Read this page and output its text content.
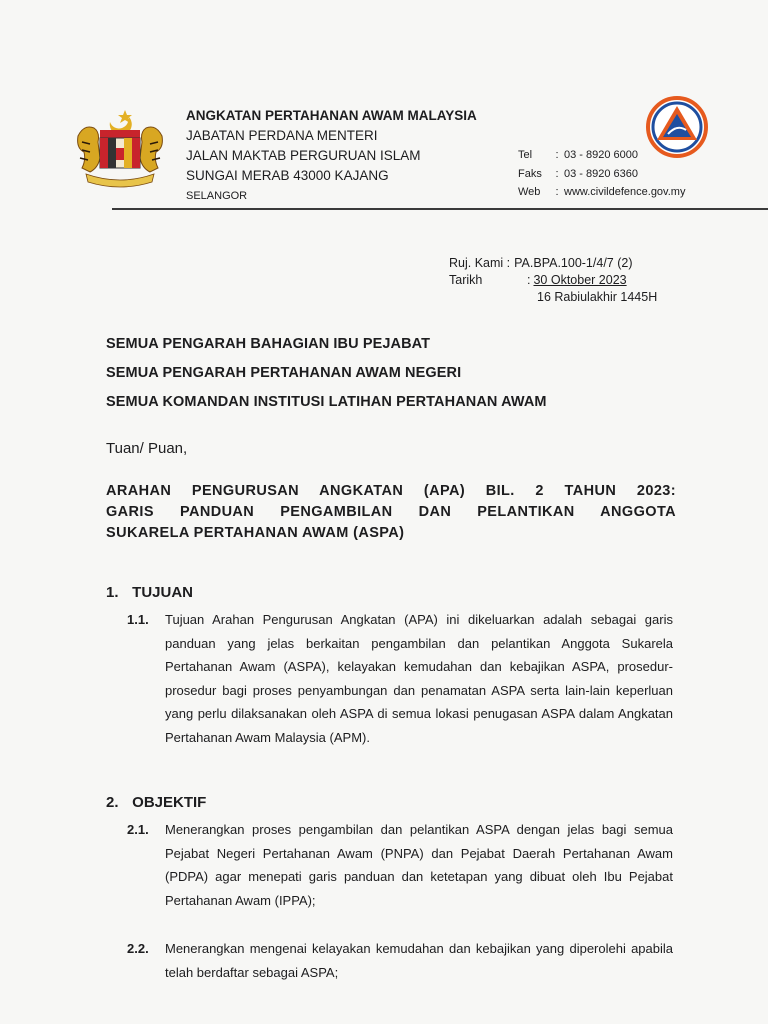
ANGKATAN PERTAHANAN AWAM MALAYSIA
JABATAN PERDANA MENTERI
JALAN MAKTAB PERGURUAN ISLAM
SUNGAI MERAB 43000 KAJANG
SELANGOR
Tel	: 03 - 8920 6000
Faks	: 03 - 8920 6360
Web	: www.civildefence.gov.my
Ruj. Kami : PA.BPA.100-1/4/7 (2)
Tarikh	: 30 Oktober 2023
16 Rabiulakhir 1445H
SEMUA PENGARAH BAHAGIAN IBU PEJABAT
SEMUA PENGARAH PERTAHANAN AWAM NEGERI
SEMUA KOMANDAN INSTITUSI LATIHAN PERTAHANAN AWAM
Tuan/ Puan,
ARAHAN PENGURUSAN ANGKATAN (APA) BIL. 2 TAHUN 2023:
GARIS PANDUAN PENGAMBILAN DAN PELANTIKAN ANGGOTA
SUKARELA PERTAHANAN AWAM (ASPA)
1. TUJUAN
1.1.	Tujuan Arahan Pengurusan Angkatan (APA) ini dikeluarkan adalah sebagai garis panduan yang jelas berkaitan pengambilan dan pelantikan Anggota Sukarela Pertahanan Awam (ASPA), kelayakan kemudahan dan kebajikan ASPA, prosedur-prosedur bagi proses penyambungan dan penamatan ASPA serta lain-lain keperluan yang perlu dilaksanakan oleh ASPA di semua lokasi penugasan ASPA dalam Angkatan Pertahanan Awam Malaysia (APM).
2. OBJEKTIF
2.1.	Menerangkan proses pengambilan dan pelantikan ASPA dengan jelas bagi semua Pejabat Negeri Pertahanan Awam (PNPA) dan Pejabat Daerah Pertahanan Awam (PDPA) agar menepati garis panduan dan ketetapan yang dibuat oleh Ibu Pejabat Pertahanan Awam (IPPA);
2.2.	Menerangkan mengenai kelayakan kemudahan dan kebajikan yang diperolehi apabila telah berdaftar sebagai ASPA;
